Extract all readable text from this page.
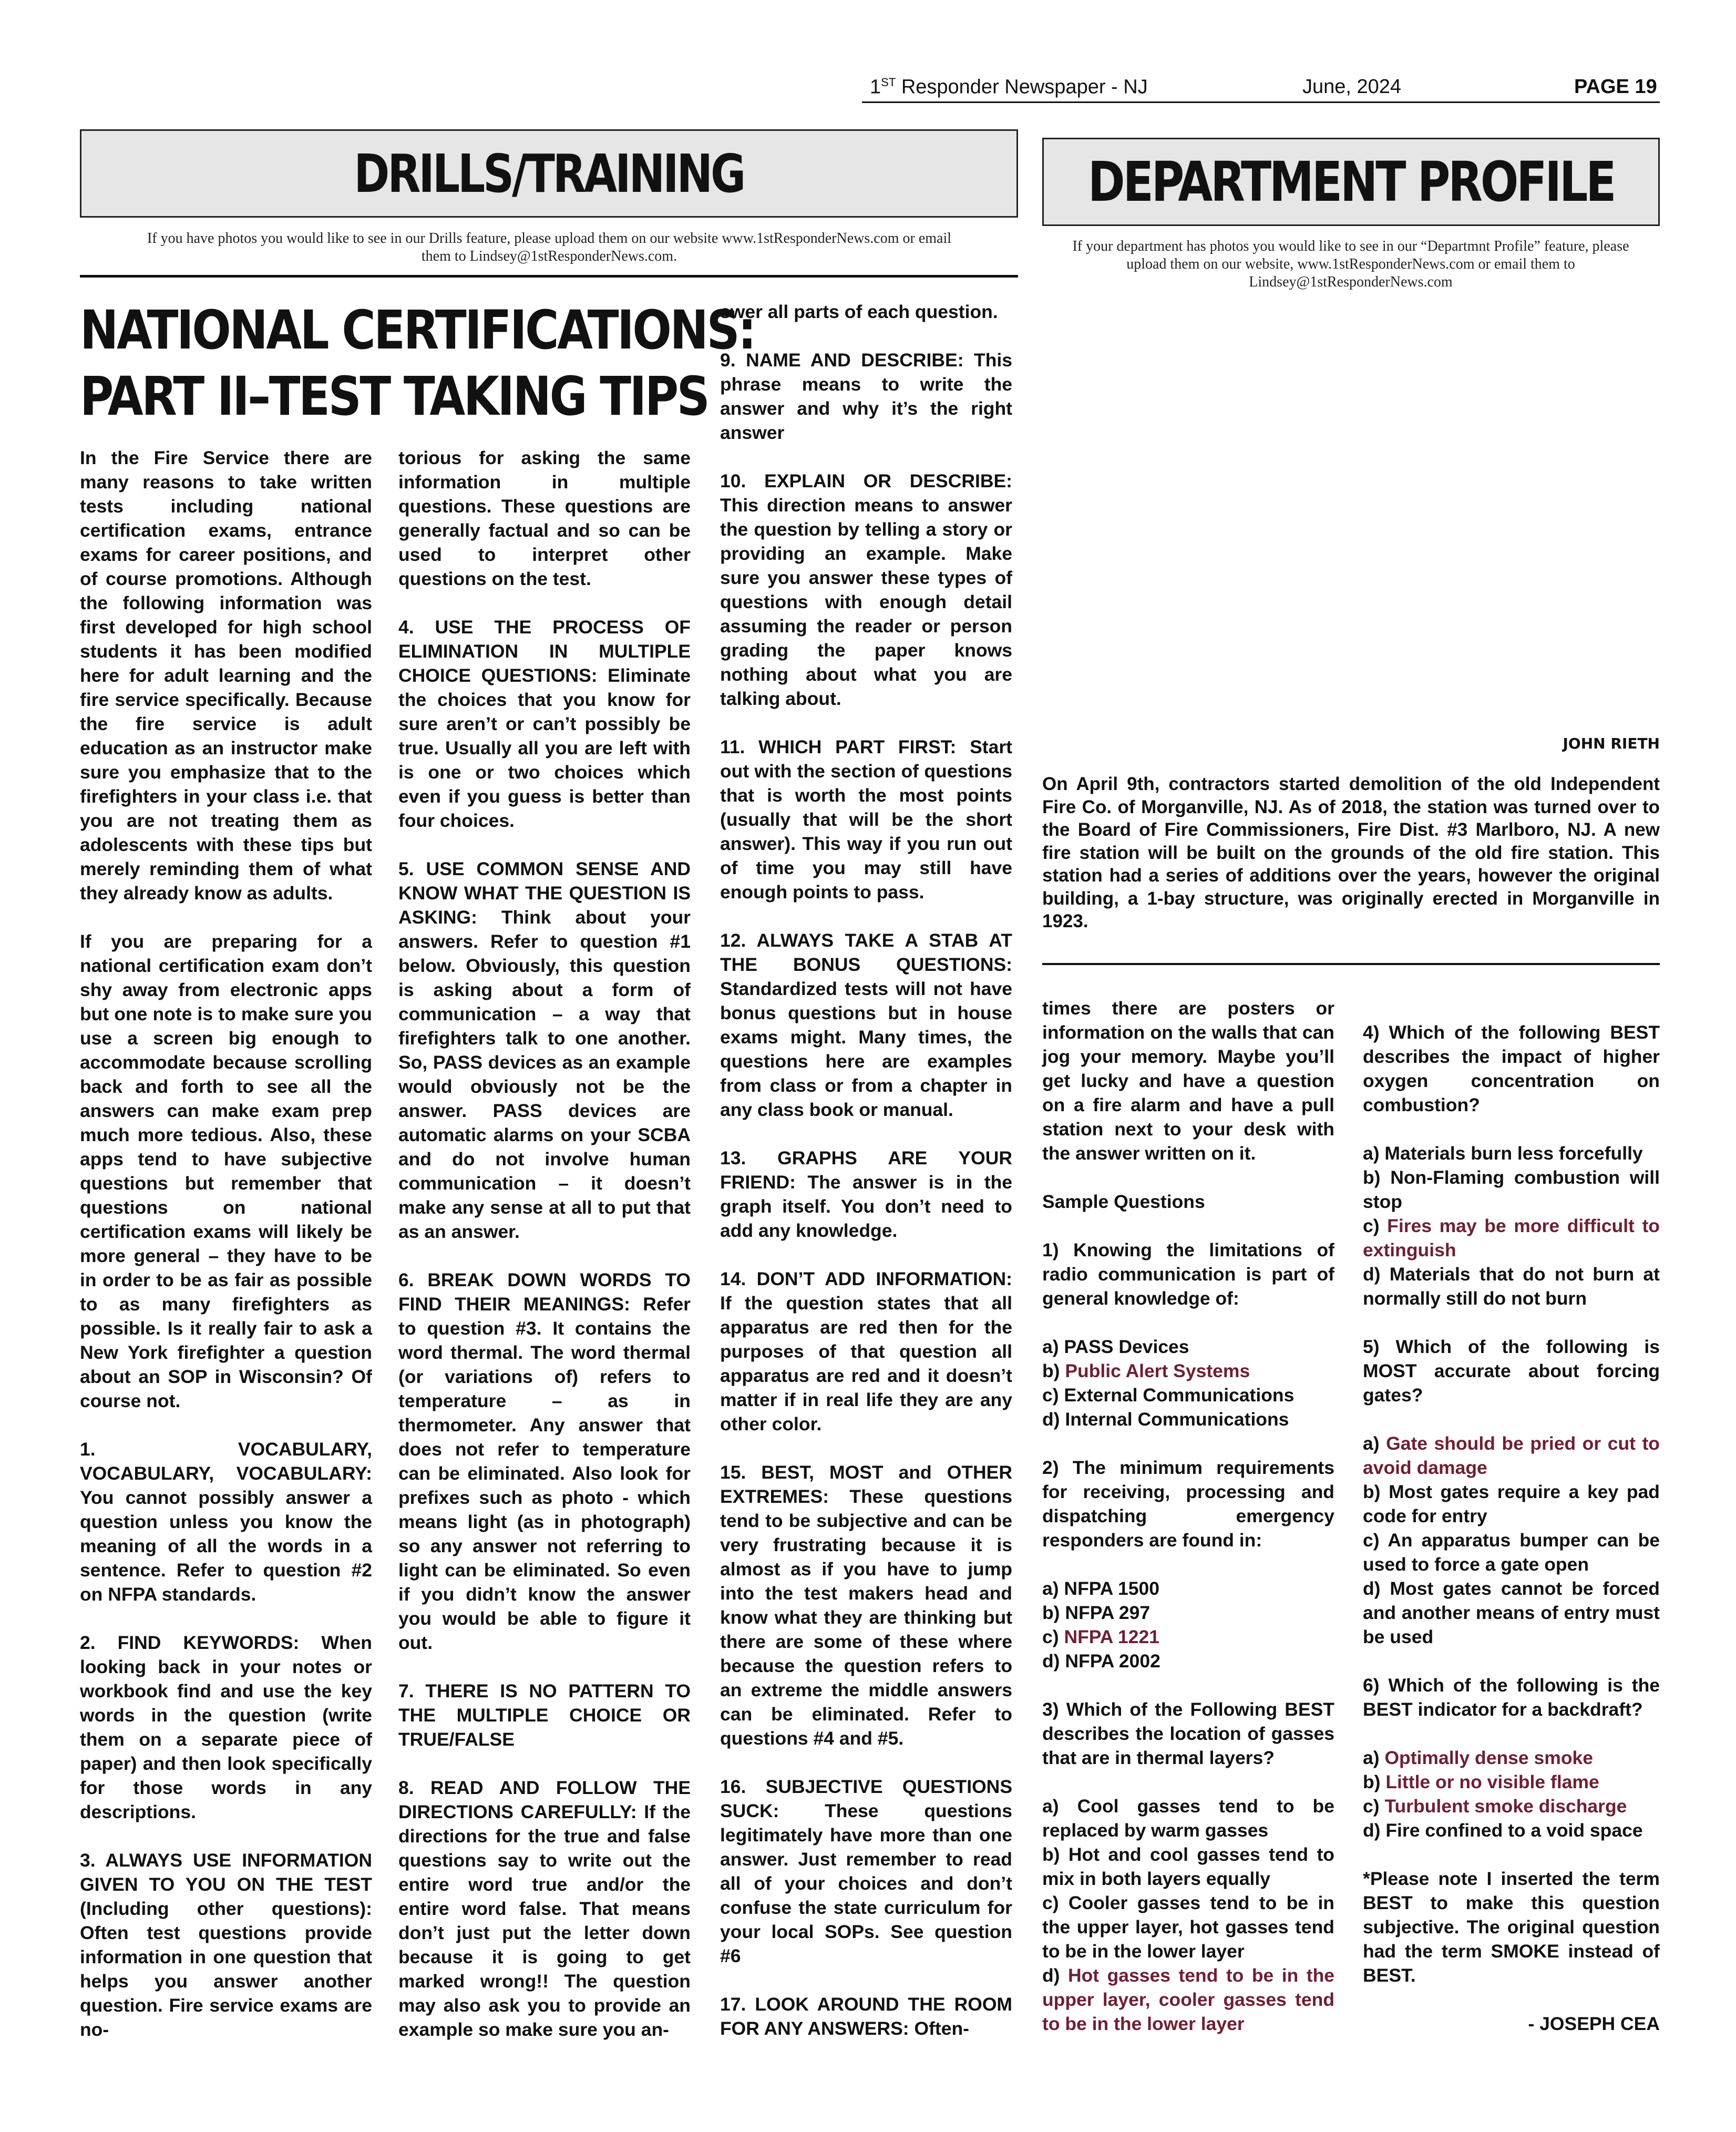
1ST Responder Newspaper - NJ	June, 2024	PAGE 19
DRILLS/TRAINING
If you have photos you would like to see in our Drills feature, please upload them on our website www.1stResponderNews.com or email them to Lindsey@1stResponderNews.com.
DEPARTMENT PROFILE
If your department has photos you would like to see in our “Departmnt Profile” feature, please upload them on our website, www.1stResponderNews.com or email them to Lindsey@1stResponderNews.com
JOHN RIETH
On April 9th, contractors started demolition of the old Independent Fire Co. of Morganville, NJ. As of 2018, the station was turned over to the Board of Fire Commissioners, Fire Dist. #3 Marlboro, NJ. A new fire station will be built on the grounds of the old fire station. This station had a series of additions over the years, however the original building, a 1-bay structure, was originally erected in Morganville in 1923.
NATIONAL CERTIFICATIONS:
PART II–TEST TAKING TIPS

In the Fire Service there are many reasons to take written tests including national certification exams, entrance exams for career positions, and of course promotions. Although the following information was first developed for high school students it has been modified here for adult learning and the fire service specifically. Because the fire service is adult education as an instructor make sure you emphasize that to the firefighters in your class i.e. that you are not treating them as adolescents with these tips but merely reminding them of what they already know as adults.

If you are preparing for a national certification exam don’t shy away from electronic apps but one note is to make sure you use a screen big enough to accommodate because scrolling back and forth to see all the answers can make exam prep much more tedious. Also, these apps tend to have subjective questions but remember that questions on national certification exams will likely be more general – they have to be in order to be as fair as possible to as many firefighters as possible. Is it really fair to ask a New York firefighter a question about an SOP in Wisconsin? Of course not.

1. VOCABULARY, VOCABULARY, VOCABULARY: You cannot possibly answer a question unless you know the meaning of all the words in a sentence. Refer to question #2 on NFPA standards.

2. FIND KEYWORDS: When looking back in your notes or workbook find and use the key words in the question (write them on a separate piece of paper) and then look specifically for those words in any descriptions.

3. ALWAYS USE INFORMATION GIVEN TO YOU ON THE TEST (Including other questions): Often test questions provide information in one question that helps you answer another question. Fire service exams are no-

torious for asking the same information in multiple questions. These questions are generally factual and so can be used to interpret other questions on the test.

4. USE THE PROCESS OF ELIMINATION IN MULTIPLE CHOICE QUESTIONS: Eliminate the choices that you know for sure aren’t or can’t possibly be true. Usually all you are left with is one or two choices which even if you guess is better than four choices.

5. USE COMMON SENSE AND KNOW WHAT THE QUESTION IS ASKING: Think about your answers. Refer to question #1 below. Obviously, this question is asking about a form of communication – a way that firefighters talk to one another. So, PASS devices as an example would obviously not be the answer. PASS devices are automatic alarms on your SCBA and do not involve human communication – it doesn’t make any sense at all to put that as an answer.

6. BREAK DOWN WORDS TO FIND THEIR MEANINGS: Refer to question #3. It contains the word thermal. The word thermal (or variations of) refers to temperature – as in thermometer. Any answer that does not refer to temperature can be eliminated. Also look for prefixes such as photo - which means light (as in photograph) so any answer not referring to light can be eliminated. So even if you didn’t know the answer you would be able to figure it out.

7. THERE IS NO PATTERN TO THE MULTIPLE CHOICE OR TRUE/FALSE

8. READ AND FOLLOW THE DIRECTIONS CAREFULLY: If the directions for the true and false questions say to write out the entire word true and/or the entire word false. That means don’t just put the letter down because it is going to get marked wrong!! The question may also ask you to provide an example so make sure you an-

swer all parts of each question.

9. NAME AND DESCRIBE: This phrase means to write the answer and why it’s the right answer

10. EXPLAIN OR DESCRIBE: This direction means to answer the question by telling a story or providing an example. Make sure you answer these types of questions with enough detail assuming the reader or person grading the paper knows nothing about what you are talking about.

11. WHICH PART FIRST: Start out with the section of questions that is worth the most points (usually that will be the short answer). This way if you run out of time you may still have enough points to pass.

12. ALWAYS TAKE A STAB AT THE BONUS QUESTIONS: Standardized tests will not have bonus questions but in house exams might. Many times, the questions here are examples from class or from a chapter in any class book or manual.

13. GRAPHS ARE YOUR FRIEND: The answer is in the graph itself. You don’t need to add any knowledge.

14. DON’T ADD INFORMATION: If the question states that all apparatus are red then for the purposes of that question all apparatus are red and it doesn’t matter if in real life they are any other color.

15. BEST, MOST and OTHER EXTREMES: These questions tend to be subjective and can be very frustrating because it is almost as if you have to jump into the test makers head and know what they are thinking but there are some of these where because the question refers to an extreme the middle answers can be eliminated. Refer to questions #4 and #5.

16. SUBJECTIVE QUESTIONS SUCK: These questions legitimately have more than one answer. Just remember to read all of your choices and don’t confuse the state curriculum for your local SOPs. See question #6

17. LOOK AROUND THE ROOM FOR ANY ANSWERS: Often-

times there are posters or information on the walls that can jog your memory. Maybe you’ll get lucky and have a question on a fire alarm and have a pull station next to your desk with the answer written on it.

Sample Questions

1) Knowing the limitations of radio communication is part of general knowledge of:

a) PASS Devices
b) Public Alert Systems
c) External Communications

d) Internal Communications

2) The minimum requirements for receiving, processing and dispatching emergency responders are found in:

a) NFPA 1500
b) NFPA 297
c) NFPA 1221

d) NFPA 2002

3) Which of the Following BEST describes the location of gasses that are in thermal layers?

a) Cool gasses tend to be replaced by warm gasses
b) Hot and cool gasses tend to mix in both layers equally
c) Cooler gasses tend to be in the upper layer, hot gasses tend to be in the lower layer
d) Hot gasses tend to be in the upper layer, cooler gasses tend to be in the lower layer

4) Which of the following BEST describes the impact of higher oxygen concentration on combustion?

a) Materials burn less forcefully
b) Non-Flaming combustion will stop
c) Fires may be more difficult to extinguish

d) Materials that do not burn at normally still do not burn

5) Which of the following is MOST accurate about forcing gates?

a) Gate should be pried or cut to avoid damage
b) Most gates require a key pad code for entry
c) An apparatus bumper can be used to force a gate open

d) Most gates cannot be forced and another means of entry must be used

6) Which of the following is the BEST indicator for a backdraft?

a) Optimally dense smoke
b) Little or no visible flame
c) Turbulent smoke discharge

d) Fire confined to a void space

*Please note I inserted the term BEST to make this question subjective. The original question had the term SMOKE instead of BEST.

- JOSEPH CEA
